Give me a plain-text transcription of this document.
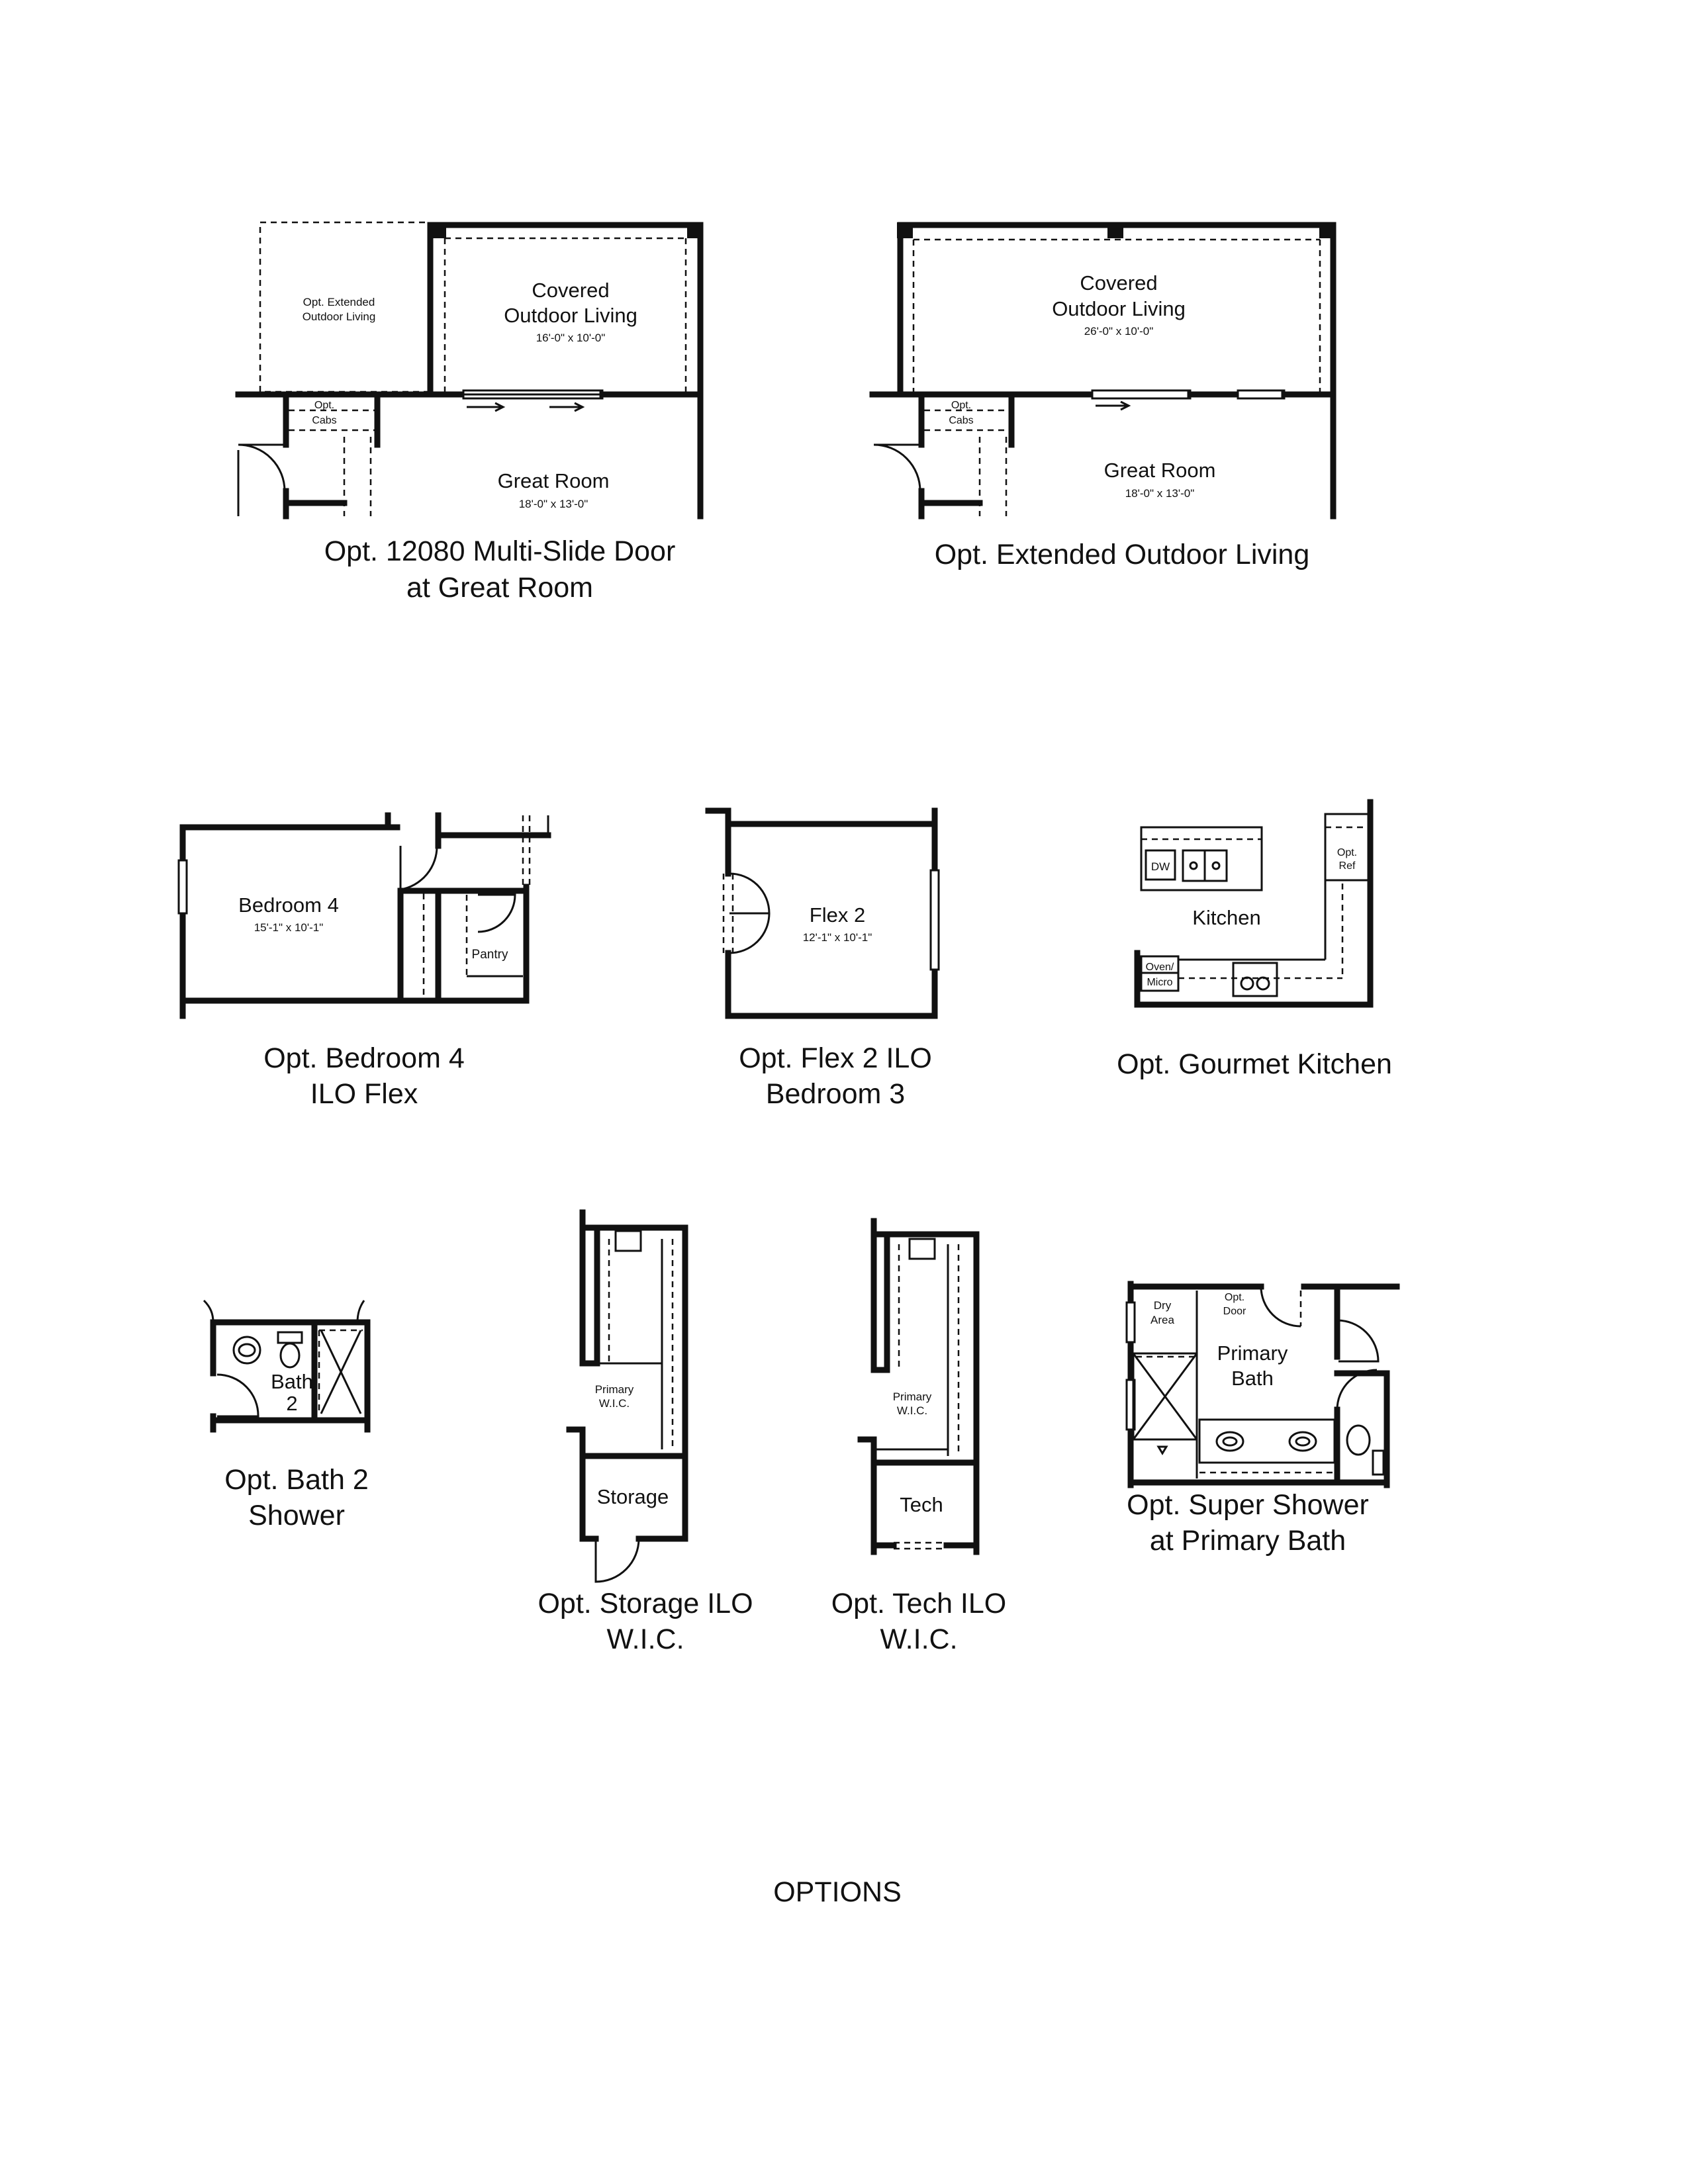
Opt. Extended Outdoor Living
Covered Outdoor Living
16'-0" x 10'-0"
Opt. Cabs
Great Room
18'-0" x 13'-0"
Opt. 12080 Multi-Slide Door at Great Room
Covered Outdoor Living
26'-0" x 10'-0"
Opt. Cabs
Great Room
18'-0" x 13'-0"
Opt. Extended Outdoor Living
Bedroom 4
15'-1" x 10'-1"
Pantry
Opt. Bedroom 4 ILO Flex
Flex 2
12'-1" x 10'-1"
Opt. Flex 2 ILO Bedroom 3
DW
Opt. Ref
Kitchen
Oven/ Micro
Opt. Gourmet Kitchen
Bath 2
Opt. Bath 2 Shower
Primary W.I.C.
Storage
Opt. Storage ILO W.I.C.
Primary W.I.C.
Tech
Opt. Tech ILO W.I.C.
Dry Area
Opt. Door
Primary Bath
Opt. Super Shower at Primary Bath
OPTIONS
